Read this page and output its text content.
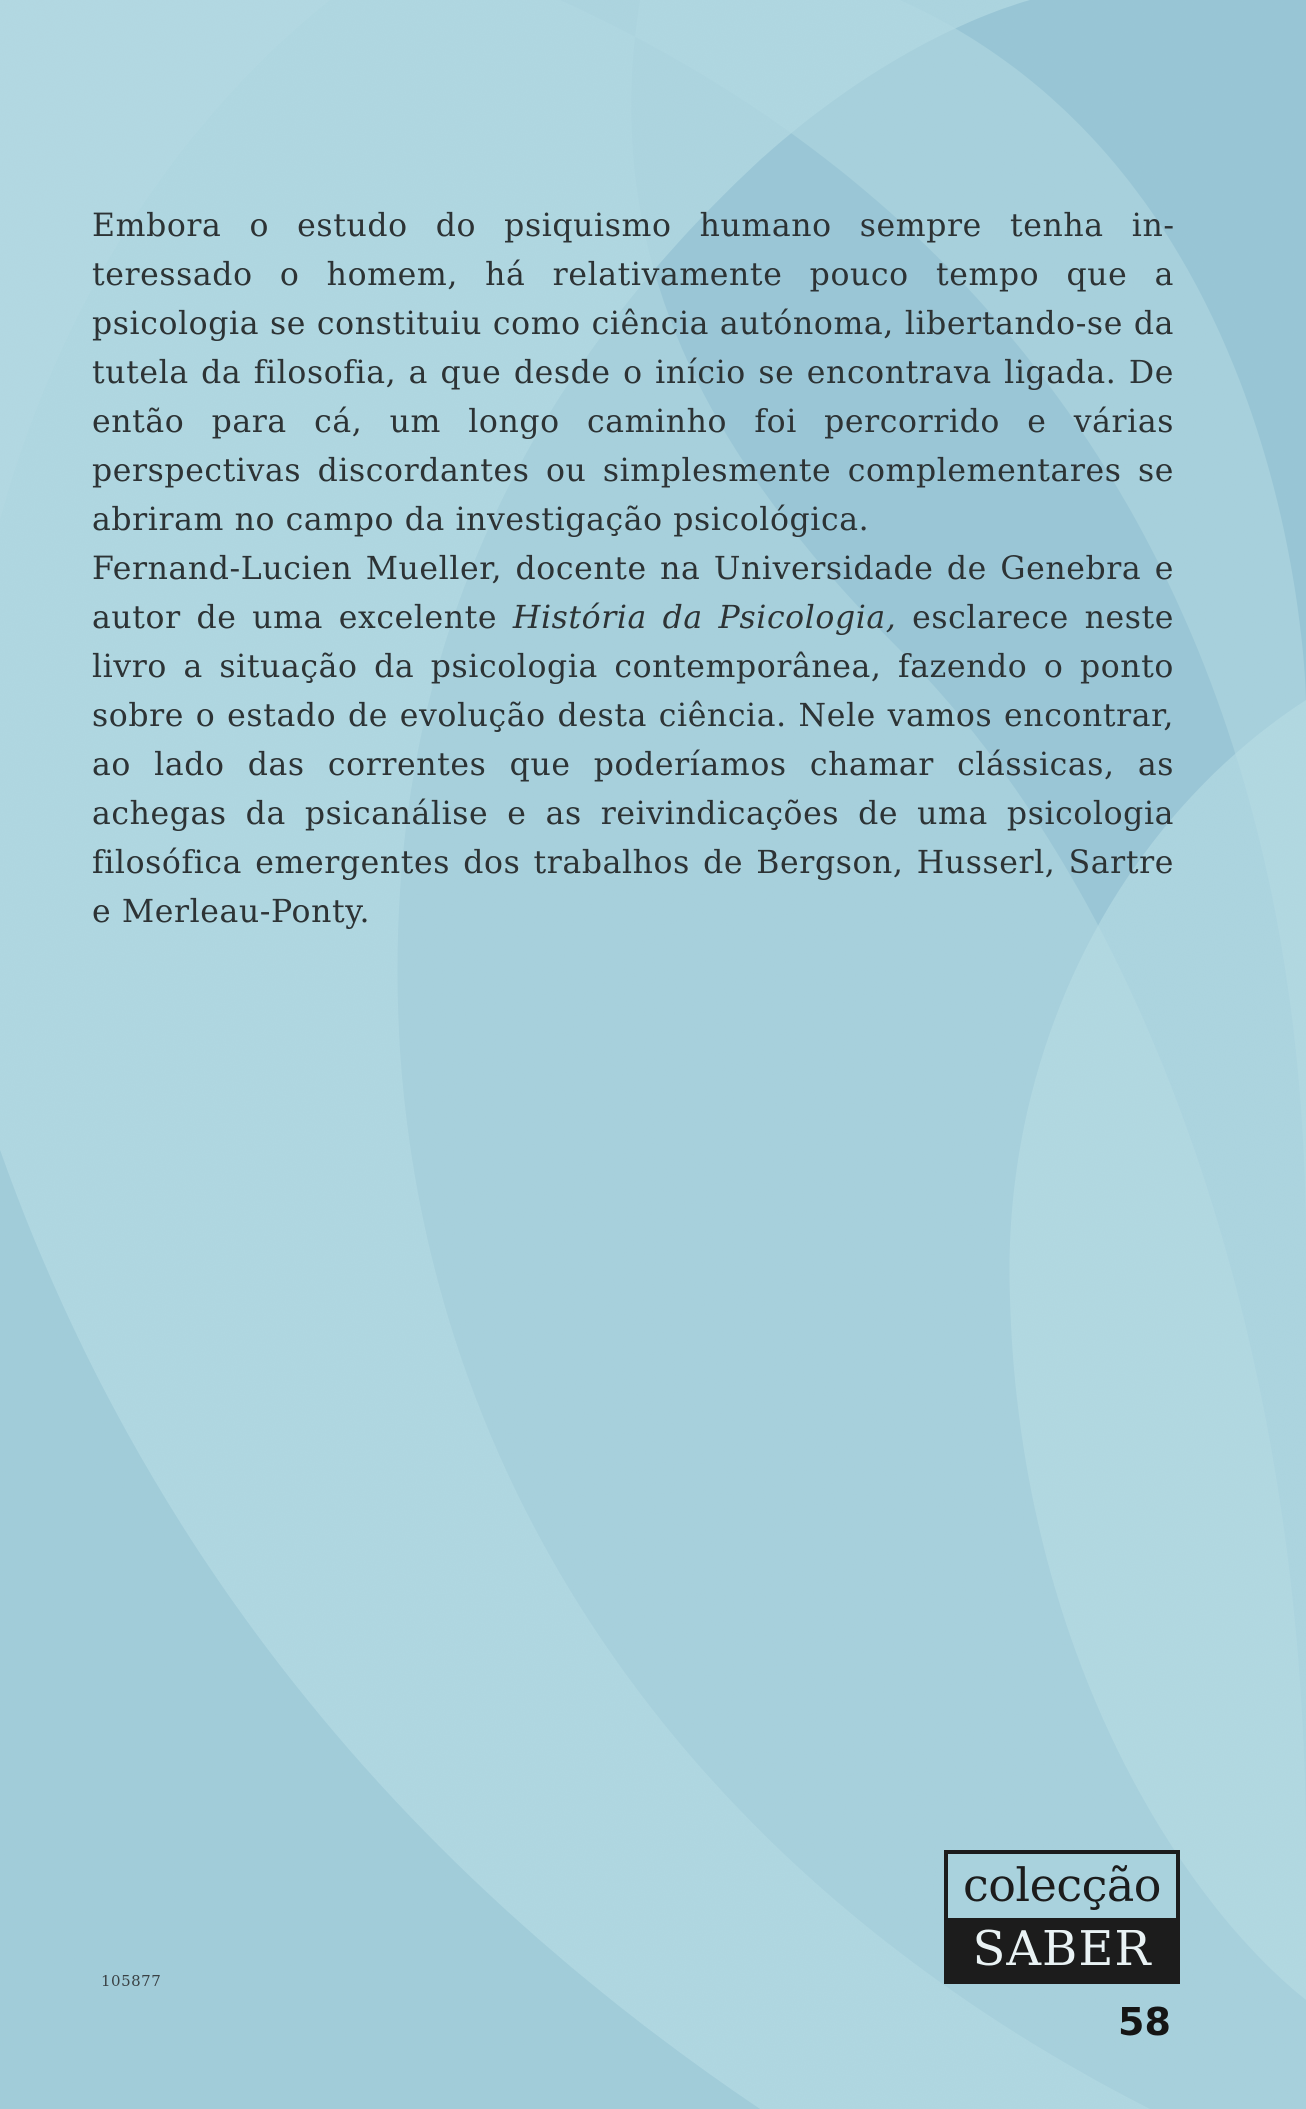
Embora o estudo do psiquismo humano sempre tenha interessado o homem, há relativamente pouco tempo que a psicologia se constituiu como ciência autónoma, libertando-se da tutela da filosofia, a que desde o início se encontrava ligada. De então para cá, um longo caminho foi percorrido e várias perspectivas discordantes ou simplesmente complementares se abriram no campo da investigação psicológica.

Fernand-Lucien Mueller, docente na Universidade de Genebra e autor de uma excelente História da Psicologia, esclarece neste livro a situação da psicologia contemporânea, fazendo o ponto sobre o estado de evolução desta ciência. Nele vamos encontrar, ao lado das correntes que poderíamos chamar clássicas, as achegas da psicanálise e as reivindicações de uma psicologia filosófica emergentes dos trabalhos de Bergson, Husserl, Sartre e Merleau-Ponty.

105877
colecção
SABER
58
